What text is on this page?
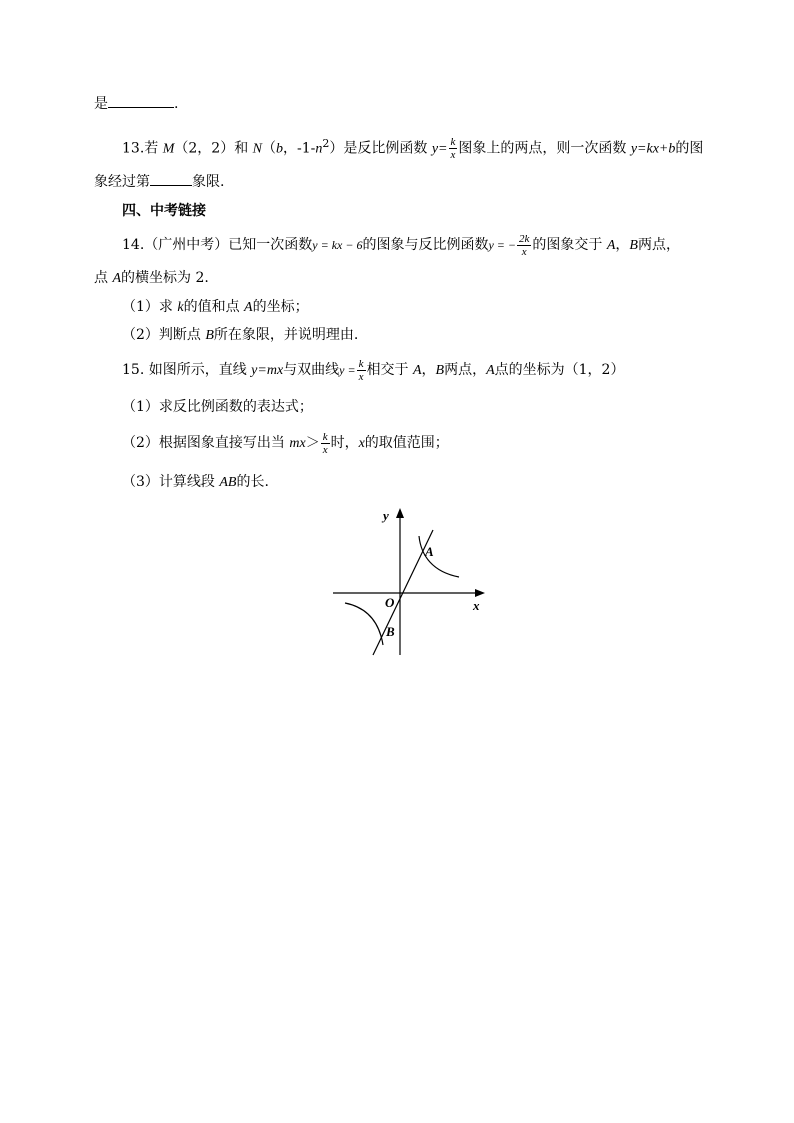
是	.
13.若 M（2，2）和 N（b，$-1-n^2$）是反比例函数 $y= \frac{k}{x}$ 图象上的两点，则一次函数 y=kx+b的图
象经过第	象限.
四、中考链接
14.（广州中考）已知一次函数y = kx − 6的图象与反比例函数y = − $\frac{2k}{x}$ 的图象交于 A，B两点，
点 A的横坐标为 2.
（1）求 k的值和点 A的坐标；
（2）判断点 B所在象限，并说明理由.
15. 如图所示，直线 y=mx与双曲线$y = \frac{k}{x}$ 相交于 A，B两点，A点的坐标为（1，2）
（1）求反比例函数的表达式；
（2）根据图象直接写出当 $mx> \frac{k}{x}$ 时，x的取值范围；
（3）计算线段 AB的长.
y
x
O
A
B
